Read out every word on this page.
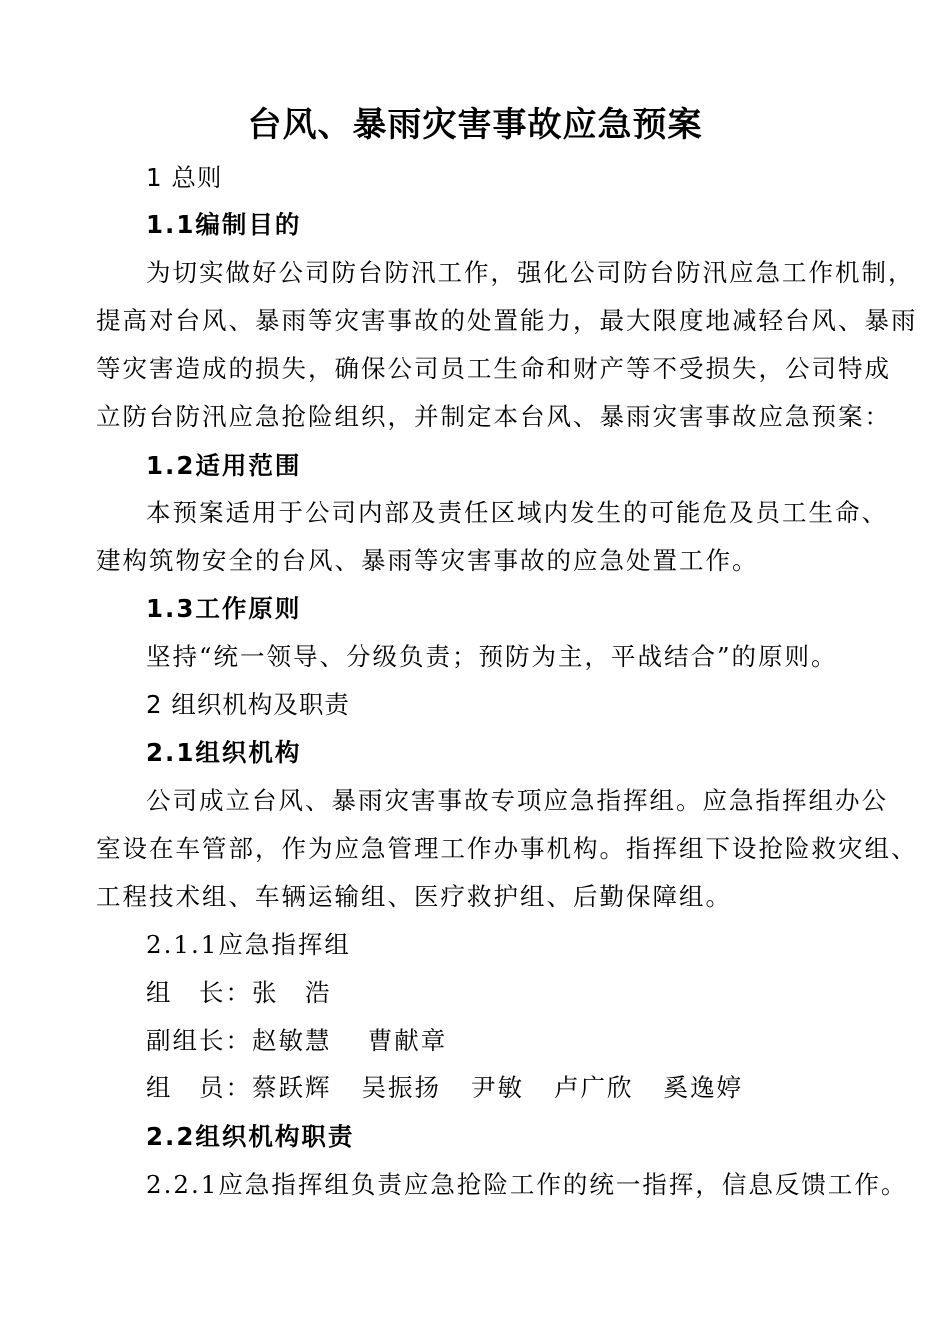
台风、暴雨灾害事故应急预案
1 总则
1.1编制目的
为切实做好公司防台防汛工作，强化公司防台防汛应急工作机制，
提高对台风、暴雨等灾害事故的处置能力，最大限度地减轻台风、暴雨
等灾害造成的损失，确保公司员工生命和财产等不受损失，公司特成
立防台防汛应急抢险组织，并制定本台风、暴雨灾害事故应急预案：
1.2适用范围
本预案适用于公司内部及责任区域内发生的可能危及员工生命、
建构筑物安全的台风、暴雨等灾害事故的应急处置工作。
1.3工作原则
坚持“统一领导、分级负责；预防为主，平战结合”的原则。
2 组织机构及职责
2.1组织机构
公司成立台风、暴雨灾害事故专项应急指挥组。应急指挥组办公
室设在车管部，作为应急管理工作办事机构。指挥组下设抢险救灾组、
工程技术组、车辆运输组、医疗救护组、后勤保障组。
2.1.1应急指挥组
组　长：张　浩
副组长：赵敏慧　 曹献章
组　员：蔡跃辉 吴振扬 尹敏 卢广欣 奚逸婷
2.2组织机构职责
2.2.1应急指挥组负责应急抢险工作的统一指挥，信息反馈工作。
